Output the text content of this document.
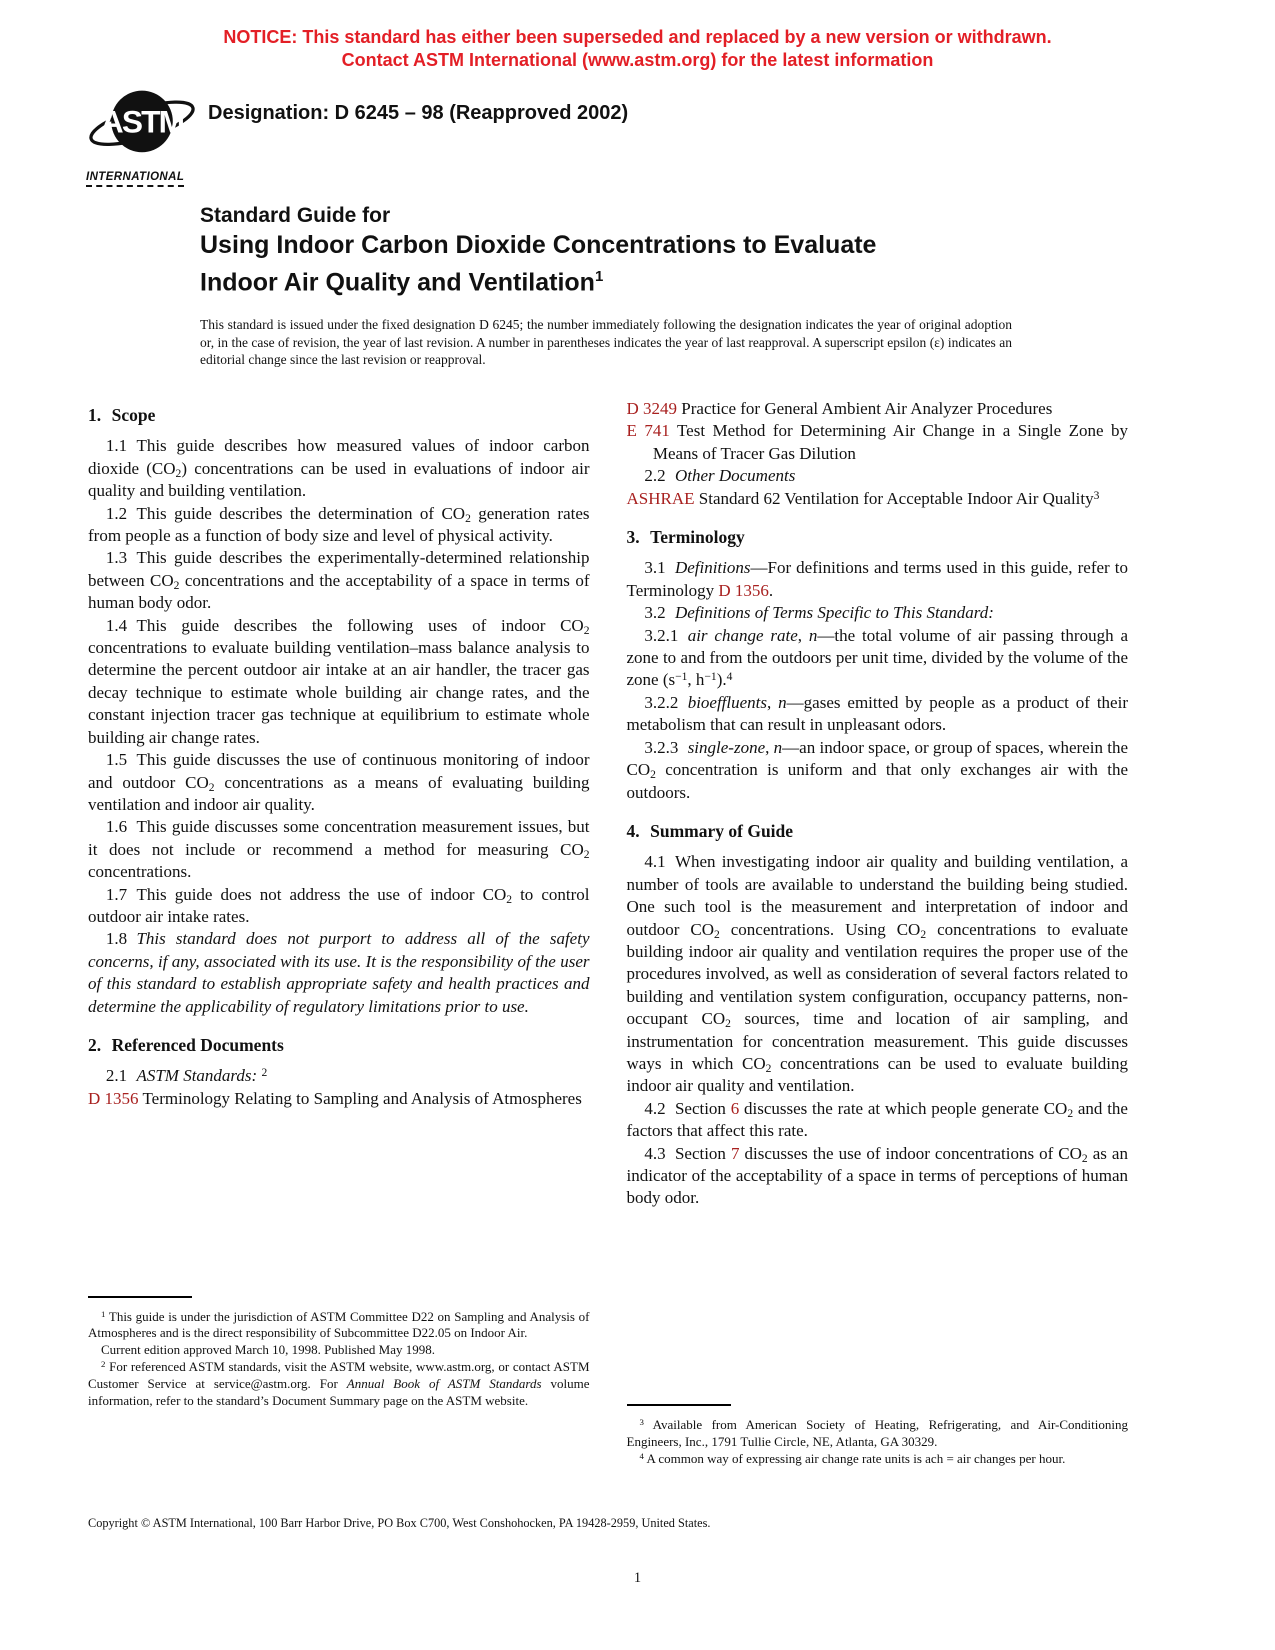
NOTICE: This standard has either been superseded and replaced by a new version or withdrawn.
Contact ASTM International (www.astm.org) for the latest information
ASTM
INTERNATIONAL
Designation: D 6245 – 98 (Reapproved 2002)
Standard Guide for
Using Indoor Carbon Dioxide Concentrations to Evaluate
Indoor Air Quality and Ventilation$^1$
This standard is issued under the fixed designation D 6245; the number immediately following the designation indicates the year of original adoption or, in the case of revision, the year of last revision. A number in parentheses indicates the year of last reapproval. A superscript epsilon (ε) indicates an editorial change since the last revision or reapproval.
1. Scope
1.1 This guide describes how measured values of indoor carbon dioxide (CO2) concentrations can be used in evaluations of indoor air quality and building ventilation.
1.2 This guide describes the determination of CO2 generation rates from people as a function of body size and level of physical activity.
1.3 This guide describes the experimentally-determined relationship between CO2 concentrations and the acceptability of a space in terms of human body odor.
1.4 This guide describes the following uses of indoor CO2 concentrations to evaluate building ventilation–mass balance analysis to determine the percent outdoor air intake at an air handler, the tracer gas decay technique to estimate whole building air change rates, and the constant injection tracer gas technique at equilibrium to estimate whole building air change rates.
1.5 This guide discusses the use of continuous monitoring of indoor and outdoor CO2 concentrations as a means of evaluating building ventilation and indoor air quality.
1.6 This guide discusses some concentration measurement issues, but it does not include or recommend a method for measuring CO2 concentrations.
1.7 This guide does not address the use of indoor CO2 to control outdoor air intake rates.
1.8 This standard does not purport to address all of the safety concerns, if any, associated with its use. It is the responsibility of the user of this standard to establish appropriate safety and health practices and determine the applicability of regulatory limitations prior to use.
2. Referenced Documents
2.1 ASTM Standards: $^2$
D 1356 Terminology Relating to Sampling and Analysis of Atmospheres
$^1$ This guide is under the jurisdiction of ASTM Committee D22 on Sampling and Analysis of Atmospheres and is the direct responsibility of Subcommittee D22.05 on Indoor Air.
Current edition approved March 10, 1998. Published May 1998.
$^2$ For referenced ASTM standards, visit the ASTM website, www.astm.org, or contact ASTM Customer Service at service@astm.org. For Annual Book of ASTM Standards volume information, refer to the standard’s Document Summary page on the ASTM website.
D 3249 Practice for General Ambient Air Analyzer Procedures
E 741 Test Method for Determining Air Change in a Single Zone by Means of Tracer Gas Dilution
2.2 Other Documents
ASHRAE Standard 62 Ventilation for Acceptable Indoor Air Quality$^3$
3. Terminology
3.1 Definitions—For definitions and terms used in this guide, refer to Terminology D 1356.
3.2 Definitions of Terms Specific to This Standard:
3.2.1 air change rate, n—the total volume of air passing through a zone to and from the outdoors per unit time, divided by the volume of the zone ($s^{-1}$, $h^{-1}).^4$
3.2.2 bioeffluents, n—gases emitted by people as a product of their metabolism that can result in unpleasant odors.
3.2.3 single-zone, n—an indoor space, or group of spaces, wherein the CO2 concentration is uniform and that only exchanges air with the outdoors.
4. Summary of Guide
4.1 When investigating indoor air quality and building ventilation, a number of tools are available to understand the building being studied. One such tool is the measurement and interpretation of indoor and outdoor CO2 concentrations. Using CO2 concentrations to evaluate building indoor air quality and ventilation requires the proper use of the procedures involved, as well as consideration of several factors related to building and ventilation system configuration, occupancy patterns, non-occupant CO2 sources, time and location of air sampling, and instrumentation for concentration measurement. This guide discusses ways in which CO2 concentrations can be used to evaluate building indoor air quality and ventilation.
4.2 Section 6 discusses the rate at which people generate CO2 and the factors that affect this rate.
4.3 Section 7 discusses the use of indoor concentrations of CO2 as an indicator of the acceptability of a space in terms of perceptions of human body odor.
$^3$ Available from American Society of Heating, Refrigerating, and Air-Conditioning Engineers, Inc., 1791 Tullie Circle, NE, Atlanta, GA 30329.
$^4$ A common way of expressing air change rate units is ach = air changes per hour.
Copyright © ASTM International, 100 Barr Harbor Drive, PO Box C700, West Conshohocken, PA 19428-2959, United States.
1
